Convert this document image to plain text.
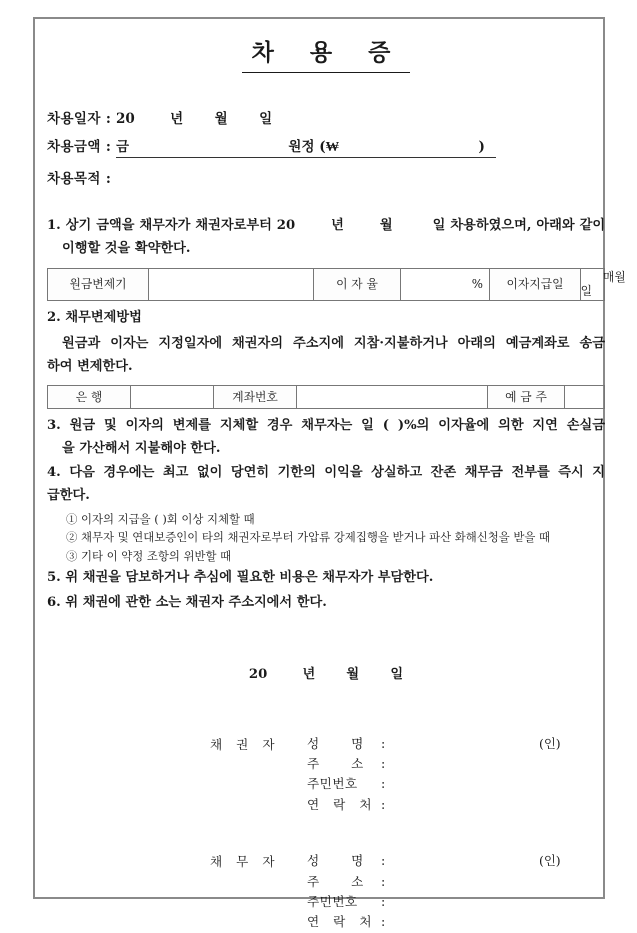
차 용 증
차용일자 : 20	년 월 일
차용금액 : 금	원정 (₩	)
차용목적 :
1. 상기 금액을 채무자가 채권자로부터 20	년	월	일 차용하였으며, 아래와 같이
이행할 것을 확약한다.
원금변제기		이 자 율	%	이자지급일	매월
일
2. 채무변제방법
원금과 이자는 지정일자에 채권자의 주소지에 지참·지불하거나 아래의 예금계좌로 송금
하여 변제한다.
은 행		계좌번호		예 금 주	
3. 원금 및 이자의 변제를 지체할 경우 채무자는 일 ( )%의 이자율에 의한 지연 손실금
을 가산해서 지불해야 한다.
4. 다음 경우에는 최고 없이 당연히 기한의 이익을 상실하고 잔존 채무금 전부를 즉시 지
급한다.
① 이자의 지급을 ( )회 이상 지체할 때
② 채무자 및 연대보증인이 타의 채권자로부터 가압류 강제집행을 받거나 파산 화해신청을 받을 때
③ 기타 이 약정 조항의 위반할 때
5. 위 채권을 담보하거나 추심에 필요한 비용은 채무자가 부담한다.
6. 위 채권에 관한 소는 채권자 주소지에서 한다.
20	년 월 일
채 권 자 성 명 :	(인)
주 소 :
주민번호 :
연 락 처 :
채 무 자 성 명 :	(인)
주 소 :
주민번호 :
연 락 처 :
